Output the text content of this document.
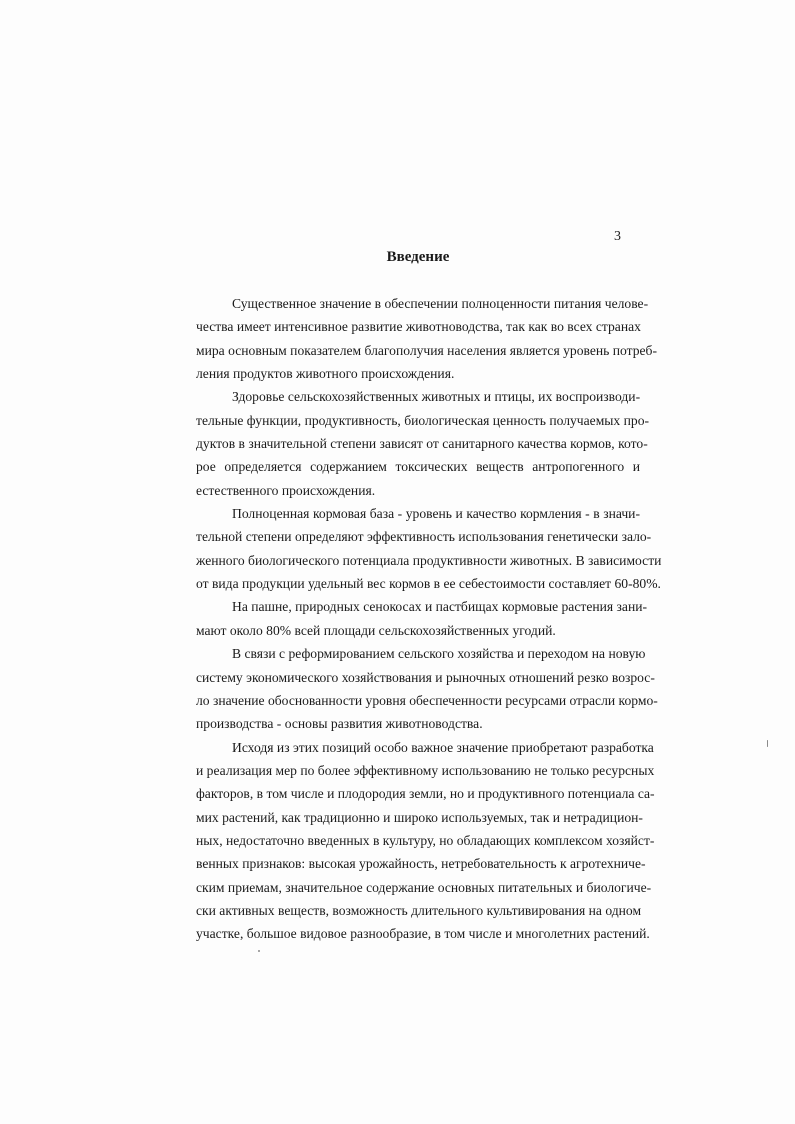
3
Введение

Существенное значение в обеспечении полноценности питания челове-
чества имеет интенсивное развитие животноводства, так как во всех странах
мира основным показателем благополучия населения является уровень потреб-
ления продуктов животного происхождения.

Здоровье сельскохозяйственных животных и птицы, их воспроизводи-
тельные функции, продуктивность, биологическая ценность получаемых про-
дуктов в значительной степени зависят от санитарного качества кормов, кото-
рое определяется содержанием токсических веществ антропогенного и
естественного происхождения.

Полноценная кормовая база - уровень и качество кормления - в значи-
тельной степени определяют эффективность использования генетически зало-
женного биологического потенциала продуктивности животных. В зависимости
от вида продукции удельный вес кормов в ее себестоимости составляет 60-80%.

На пашне, природных сенокосах и пастбищах кормовые растения зани-
мают около 80% всей площади сельскохозяйственных угодий.

В связи с реформированием сельского хозяйства и переходом на новую
систему экономического хозяйствования и рыночных отношений резко возрос-
ло значение обоснованности уровня обеспеченности ресурсами отрасли кормо-
производства - основы развития животноводства.

Исходя из этих позиций особо важное значение приобретают разработка
и реализация мер по более эффективному использованию не только ресурсных
факторов, в том числе и плодородия земли, но и продуктивного потенциала са-
мих растений, как традиционно и широко используемых, так и нетрадицион-
ных, недостаточно введенных в культуру, но обладающих комплексом хозяйст-
венных признаков: высокая урожайность, нетребовательность к агротехниче-
ским приемам, значительное содержание основных питательных и биологиче-
ски активных веществ, возможность длительного культивирования на одном
участке, большое видовое разнообразие, в том числе и многолетних растений.
